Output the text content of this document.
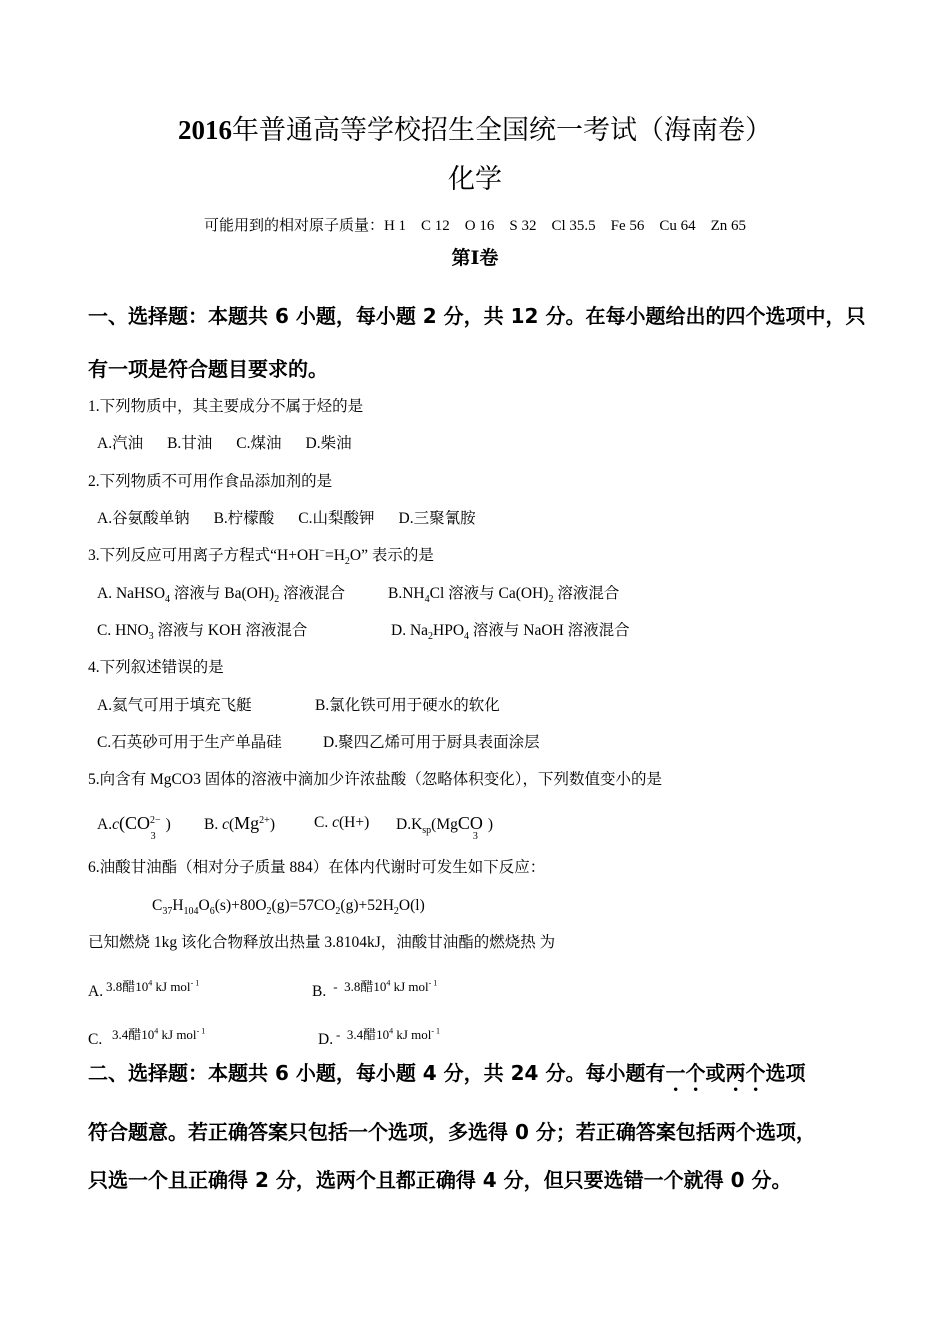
2016年普通高等学校招生全国统一考试（海南卷）
化学
可能用到的相对原子质量：H 1    C 12    O 16    S 32    Cl 35.5    Fe 56    Cu 64    Zn 65
第Ⅰ卷
一、选择题：本题共 6 小题，每小题 2 分，共 12 分。在每小题给出的四个选项中，只有一项是符合题目要求的。
1.下列物质中，其主要成分不属于烃的是
A.汽油 B.甘油 C.煤油 D.柴油
2.下列物质不可用作食品添加剂的是
A.谷氨酸单钠 B.柠檬酸 C.山梨酸钾 D.三聚氰胺
3.下列反应可用离子方程式“$H+OH^-=H_2O$” 表示的是
A. NaHSO$_4$ 溶液与 $Ba(OH)_2$ 溶液混合	$B.NH_4Cl$ 溶液与 $Ca(OH)_2$ 溶液混合
C. $HNO_3$ 溶液与 KOH 溶液混合	D. $Na_2HPO_4$ 溶液与 NaOH 溶液混合
4.下列叙述错误的是
A.氦气可用于填充飞艇	B.氯化铁可用于硬水的软化
C.石英砂可用于生产单晶硅	D.聚四乙烯可用于厨具表面涂层
5.向含有 MgCO3 固体的溶液中滴加少许浓盐酸（忽略体积变化），下列数值变小的是
$A.c(CO^{2-}_3)$ B. $c(Mg^{2+})$	C. c(H+) $D.K_{sp}(MgCO_3)$
6.油酸甘油酯（相对分子质量 884）在体内代谢时可发生如下反应：
$C_{37}H_{104}O_6(s)+80O_2(g)=57CO_2(g)+52H_2O(l)$
已知燃烧 1kg 该化合物释放出热量 3.8104kJ，油酸甘油酯的燃烧热 为
A. 3.8醋$10^4$ kJ mol$^{- 1}$	B. -  3.8醋$10^4$ kJ mol$^{- 1}$
C. 3.4醋$10^4$ kJ mol$^{- 1}$	D. -  3.4醋$10^4$ kJ mol$^{- 1}$
二、选择题：本题共 6 小题，每小题 4 分，共 24 分。每小题有一个或两个选项
符合题意。若正确答案只包括一个选项，多选得 0 分；若正确答案包括两个选项，
只选一个且正确得 2 分，选两个且都正确得 4 分，但只要选错一个就得 0 分。
